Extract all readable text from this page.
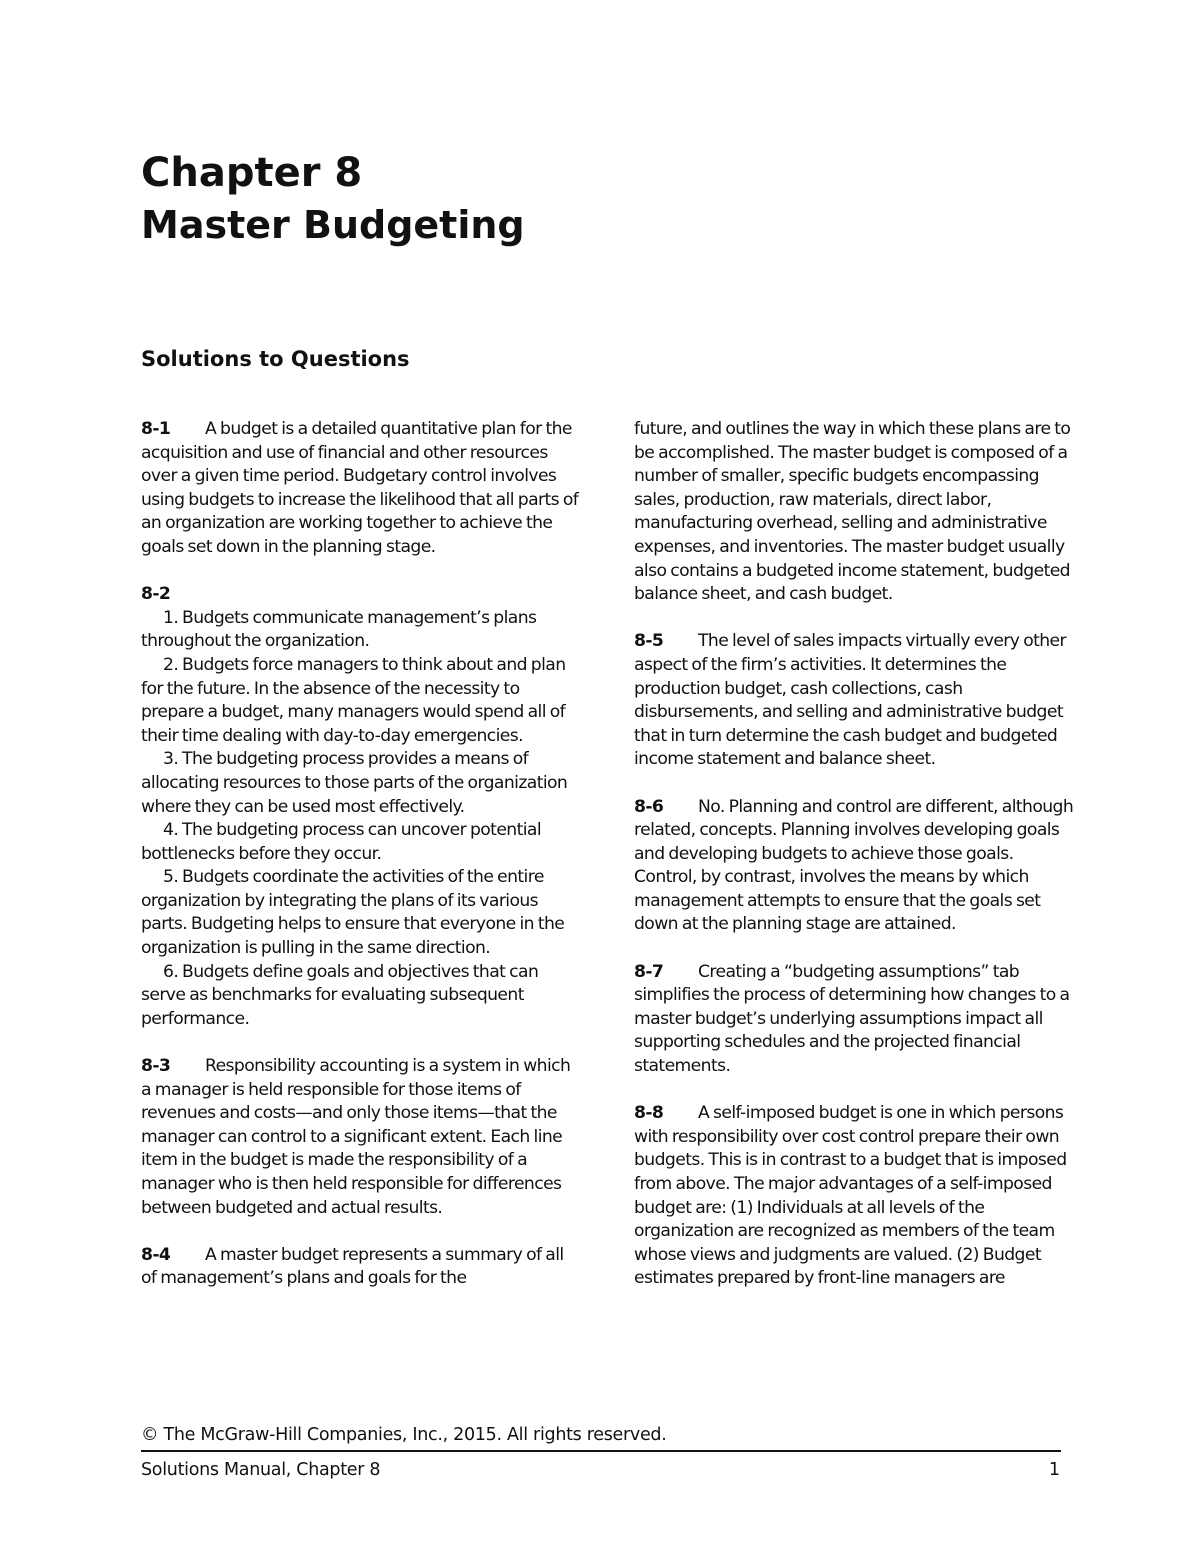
Chapter 8
Master Budgeting
Solutions to Questions

8-1 A budget is a detailed quantitative plan for the acquisition and use of financial and other resources over a given time period. Budgetary control involves using budgets to increase the likelihood that all parts of an organization are working together to achieve the goals set down in the planning stage.

8-2

1. Budgets communicate management’s plans throughout the organization.

2. Budgets force managers to think about and plan for the future. In the absence of the necessity to prepare a budget, many managers would spend all of their time dealing with day-to-day emergencies.

3. The budgeting process provides a means of allocating resources to those parts of the organization where they can be used most effectively.

4. The budgeting process can uncover potential bottlenecks before they occur.

5. Budgets coordinate the activities of the entire organization by integrating the plans of its various parts. Budgeting helps to ensure that everyone in the organization is pulling in the same direction.

6. Budgets define goals and objectives that can serve as benchmarks for evaluating subsequent performance.

8-3 Responsibility accounting is a system in which a manager is held responsible for those items of revenues and costs—and only those items—that the manager can control to a significant extent. Each line item in the budget is made the responsibility of a manager who is then held responsible for differences between budgeted and actual results.

8-4 A master budget represents a summary of all of management’s plans and goals for the

future, and outlines the way in which these plans are to be accomplished. The master budget is composed of a number of smaller, specific budgets encompassing sales, production, raw materials, direct labor, manufacturing overhead, selling and administrative expenses, and inventories. The master budget usually also contains a budgeted income statement, budgeted balance sheet, and cash budget.

8-5 The level of sales impacts virtually every other aspect of the firm’s activities. It determines the production budget, cash collections, cash disbursements, and selling and administrative budget that in turn determine the cash budget and budgeted income statement and balance sheet.

8-6 No. Planning and control are different, although related, concepts. Planning involves developing goals and developing budgets to achieve those goals. Control, by contrast, involves the means by which management attempts to ensure that the goals set down at the planning stage are attained.

8-7 Creating a “budgeting assumptions” tab simplifies the process of determining how changes to a master budget’s underlying assumptions impact all supporting schedules and the projected financial statements.

8-8 A self-imposed budget is one in which persons with responsibility over cost control prepare their own budgets. This is in contrast to a budget that is imposed from above. The major advantages of a self-imposed budget are: (1) Individuals at all levels of the organization are recognized as members of the team whose views and judgments are valued. (2) Budget estimates prepared by front-line managers are

© The McGraw-Hill Companies, Inc., 2015. All rights reserved.
Solutions Manual, Chapter 8	1
